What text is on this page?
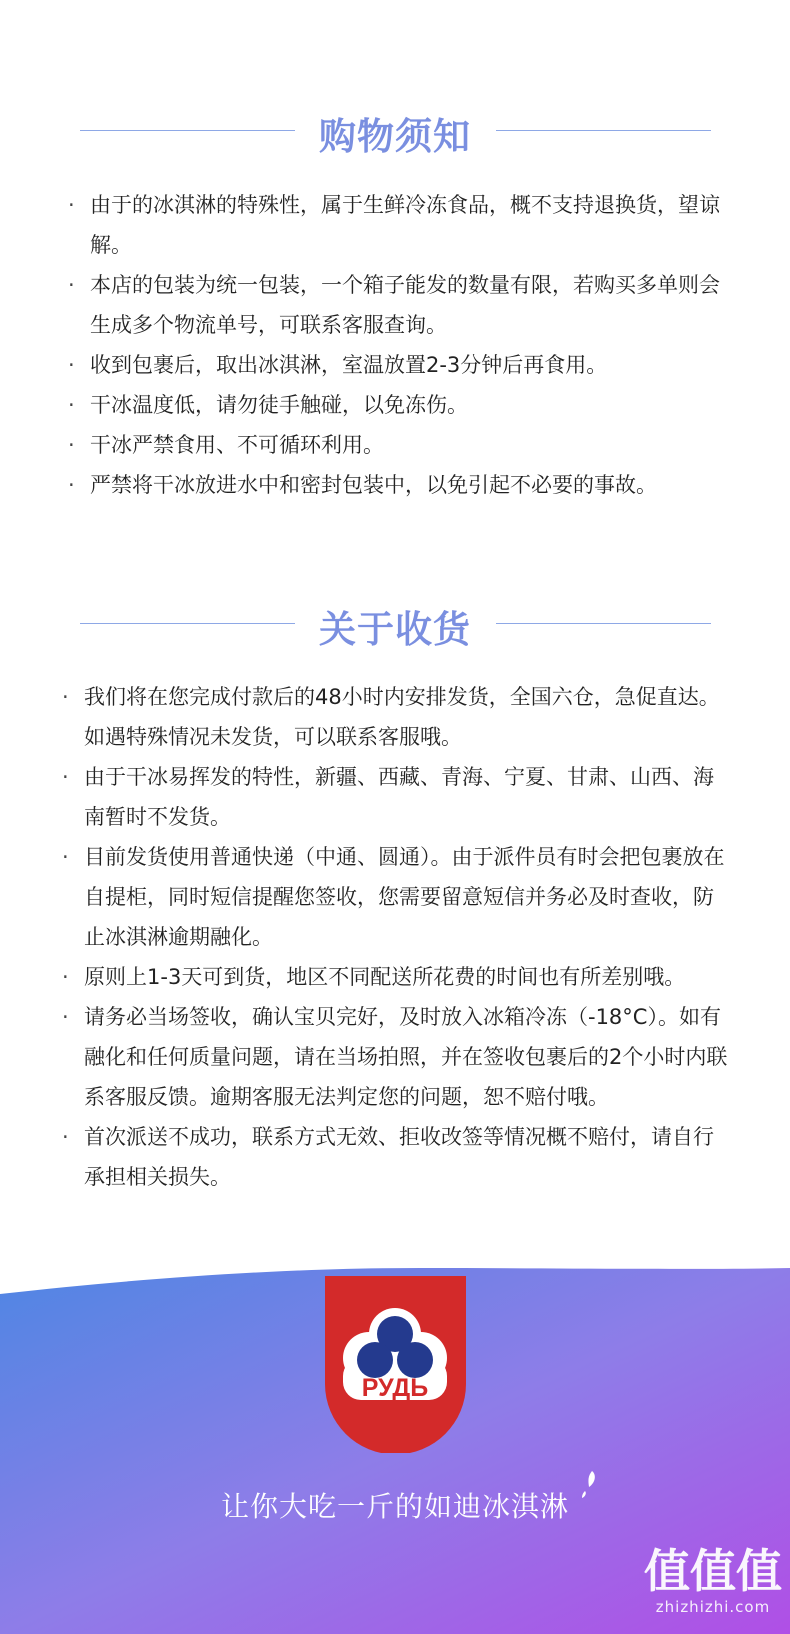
购物须知
· 由于的冰淇淋的特殊性，属于生鲜冷冻食品，概不支持退换货，望谅解。
· 本店的包装为统一包装，一个箱子能发的数量有限，若购买多单则会生成多个物流单号，可联系客服查询。
· 收到包裹后，取出冰淇淋，室温放置2-3分钟后再食用。
· 干冰温度低，请勿徒手触碰，以免冻伤。
· 干冰严禁食用、不可循环利用。
· 严禁将干冰放进水中和密封包装中，以免引起不必要的事故。
关于收货
· 我们将在您完成付款后的48小时内安排发货，全国六仓，急促直达。如遇特殊情况未发货，可以联系客服哦。
· 由于干冰易挥发的特性，新疆、西藏、青海、宁夏、甘肃、山西、海南暂时不发货。
· 目前发货使用普通快递（中通、圆通）。由于派件员有时会把包裹放在自提柜，同时短信提醒您签收，您需要留意短信并务必及时查收，防止冰淇淋逾期融化。
· 原则上1-3天可到货，地区不同配送所花费的时间也有所差别哦。
· 请务必当场签收，确认宝贝完好，及时放入冰箱冷冻（-18°C）。如有融化和任何质量问题，请在当场拍照，并在签收包裹后的2个小时内联系客服反馈。逾期客服无法判定您的问题，恕不赔付哦。
· 首次派送不成功，联系方式无效、拒收改签等情况概不赔付，请自行承担相关损失。
РУДЬ
让你大吃一斤的如迪冰淇淋
值值值
zhizhizhi.com
